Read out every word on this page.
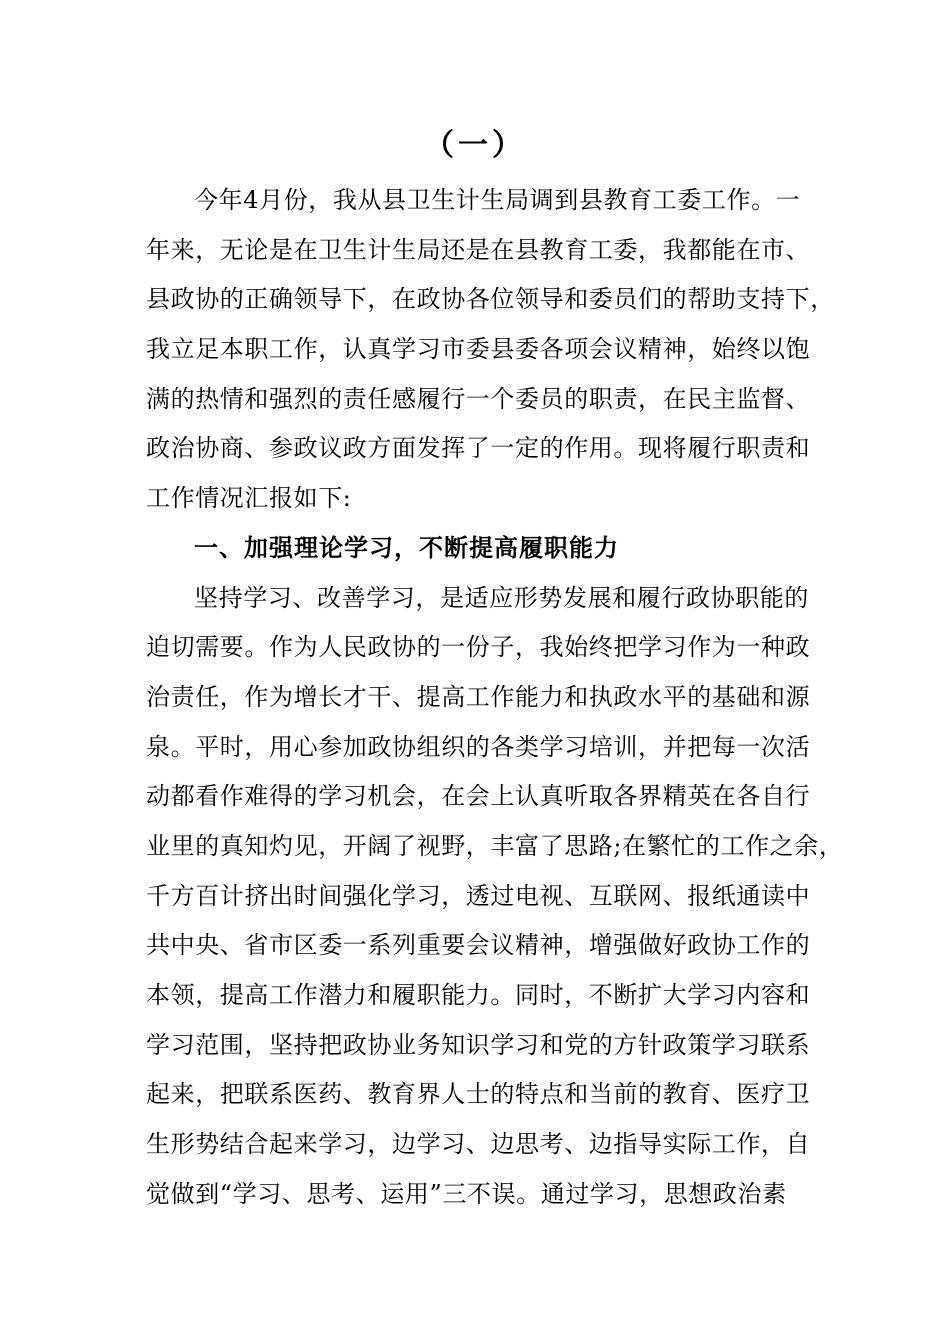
（一）
今年4月份，我从县卫生计生局调到县教育工委工作。一
年来，无论是在卫生计生局还是在县教育工委，我都能在市、
县政协的正确领导下，在政协各位领导和委员们的帮助支持下，
我立足本职工作，认真学习市委县委各项会议精神，始终以饱
满的热情和强烈的责任感履行一个委员的职责，在民主监督、
政治协商、参政议政方面发挥了一定的作用。现将履行职责和
工作情况汇报如下:
一、加强理论学习，不断提高履职能力
坚持学习、改善学习，是适应形势发展和履行政协职能的
迫切需要。作为人民政协的一份子，我始终把学习作为一种政
治责任，作为增长才干、提高工作能力和执政水平的基础和源
泉。平时，用心参加政协组织的各类学习培训，并把每一次活
动都看作难得的学习机会，在会上认真听取各界精英在各自行
业里的真知灼见，开阔了视野，丰富了思路;在繁忙的工作之余，
千方百计挤出时间强化学习，透过电视、互联网、报纸通读中
共中央、省市区委一系列重要会议精神，增强做好政协工作的
本领，提高工作潜力和履职能力。同时，不断扩大学习内容和
学习范围，坚持把政协业务知识学习和党的方针政策学习联系
起来，把联系医药、教育界人士的特点和当前的教育、医疗卫
生形势结合起来学习，边学习、边思考、边指导实际工作，自
觉做到“学习、思考、运用”三不误。通过学习，思想政治素
